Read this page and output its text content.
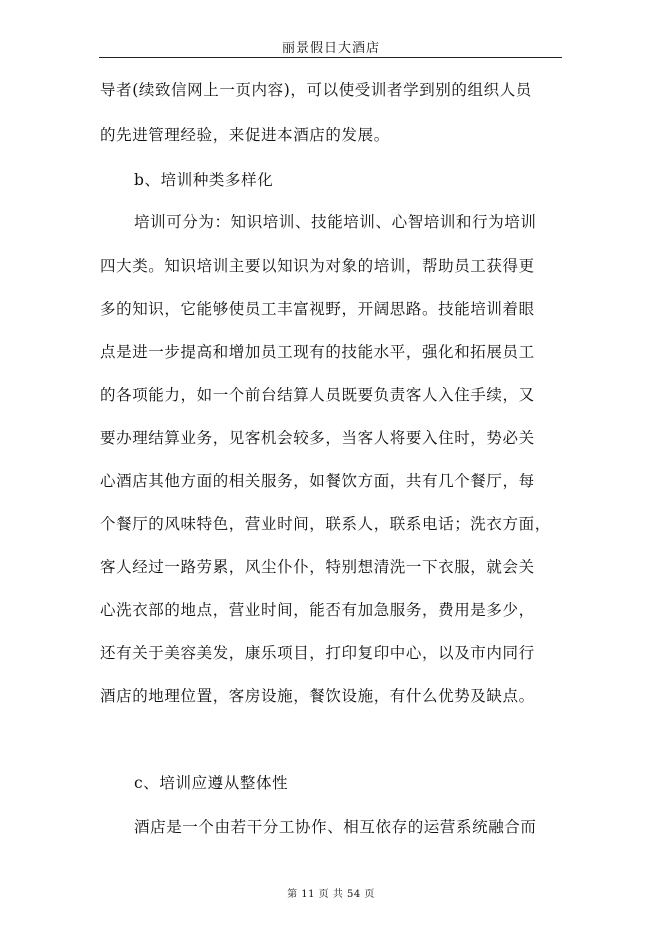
丽景假日大酒店
导者(续致信网上一页内容)，可以使受训者学到别的组织人员
的先进管理经验，来促进本酒店的发展。
b、培训种类多样化
培训可分为：知识培训、技能培训、心智培训和行为培训
四大类。知识培训主要以知识为对象的培训，帮助员工获得更
多的知识，它能够使员工丰富视野，开阔思路。技能培训着眼
点是进一步提高和增加员工现有的技能水平，强化和拓展员工
的各项能力，如一个前台结算人员既要负责客人入住手续，又
要办理结算业务，见客机会较多，当客人将要入住时，势必关
心酒店其他方面的相关服务，如餐饮方面，共有几个餐厅，每
个餐厅的风味特色，营业时间，联系人，联系电话；洗衣方面，
客人经过一路劳累，风尘仆仆，特别想清洗一下衣服，就会关
心洗衣部的地点，营业时间，能否有加急服务，费用是多少，
还有关于美容美发，康乐项目，打印复印中心，以及市内同行
酒店的地理位置，客房设施，餐饮设施，有什么优势及缺点。
c、培训应遵从整体性
酒店是一个由若干分工协作、相互依存的运营系统融合而
第 11 页 共 54 页
